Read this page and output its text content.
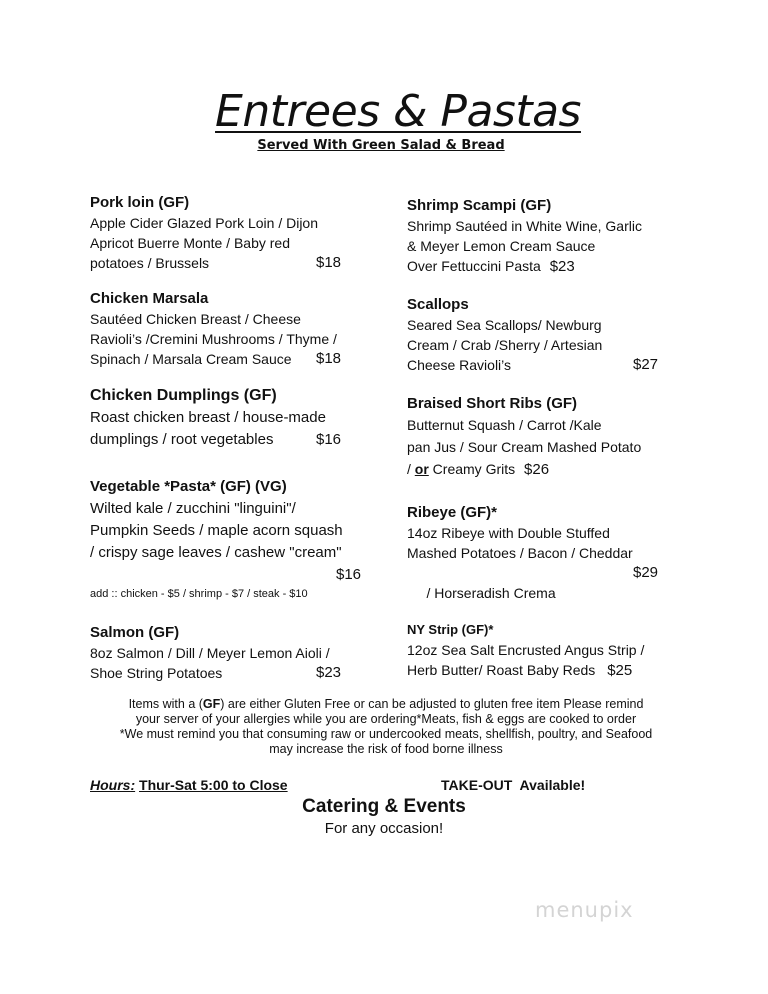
Entrees & Pastas
Served With Green Salad & Bread
Pork loin (GF)
Apple Cider Glazed Pork Loin / Dijon
Apricot Buerre Monte / Baby red
potatoes / Brussels	$18
Chicken Marsala
Sautéed Chicken Breast / Cheese
Ravioli’s /Cremini Mushrooms / Thyme /
Spinach / Marsala Cream Sauce $18
Chicken Dumplings (GF)
Roast chicken breast / house-made
dumplings / root vegetables	$16
Vegetable *Pasta* (GF) (VG)
Wilted kale / zucchini "linguini"/
Pumpkin Seeds / maple acorn squash
/ crispy sage leaves / cashew "cream"
$16
add :: chicken - $5 / shrimp - $7 / steak - $10
Salmon (GF)
8oz Salmon / Dill / Meyer Lemon Aioli /
Shoe String Potatoes	$23
Shrimp Scampi (GF)
Shrimp Sautéed in White Wine, Garlic
& Meyer Lemon Cream Sauce
Over Fettuccini Pasta $23
Scallops
Seared Sea Scallops/ Newburg
Cream / Crab /Sherry / Artesian
Cheese Ravioli’s	$27
Braised Short Ribs (GF)
Butternut Squash / Carrot /Kale
pan Jus / Sour Cream Mashed Potato
/ or Creamy Grits $26
Ribeye (GF)*
14oz Ribeye with Double Stuffed
Mashed Potatoes / Bacon / Cheddar

/ Horseradish Crema

$29

NY Strip (GF)*
12oz Sea Salt Encrusted Angus Strip /
Herb Butter/ Roast Baby Reds $25
Items with a (GF) are either Gluten Free or can be adjusted to gluten free item Please remind
your server of your allergies while you are ordering*Meats, fish & eggs are cooked to order
*We must remind you that consuming raw or undercooked meats, shellfish, poultry, and Seafood
may increase the risk of food borne illness
Hours: Thur-Sat 5:00 to Close	TAKE-OUT  Available!
Catering & Events
For any occasion!
menupix
